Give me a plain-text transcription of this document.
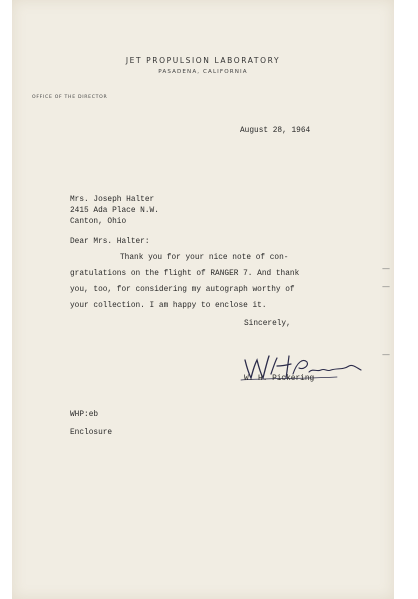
JET PROPULSION LABORATORY
PASADENA, CALIFORNIA
OFFICE OF THE DIRECTOR
August 28, 1964
Mrs. Joseph Halter
2415 Ada Place N.W.
Canton, Ohio
Dear Mrs. Halter:
Thank you for your nice note of con-
gratulations on the flight of RANGER 7. And thank
you, too, for considering my autograph worthy of
your collection. I am happy to enclose it.
Sincerely,
W. H. Pickering
WHP:eb
Enclosure
—
—
—
